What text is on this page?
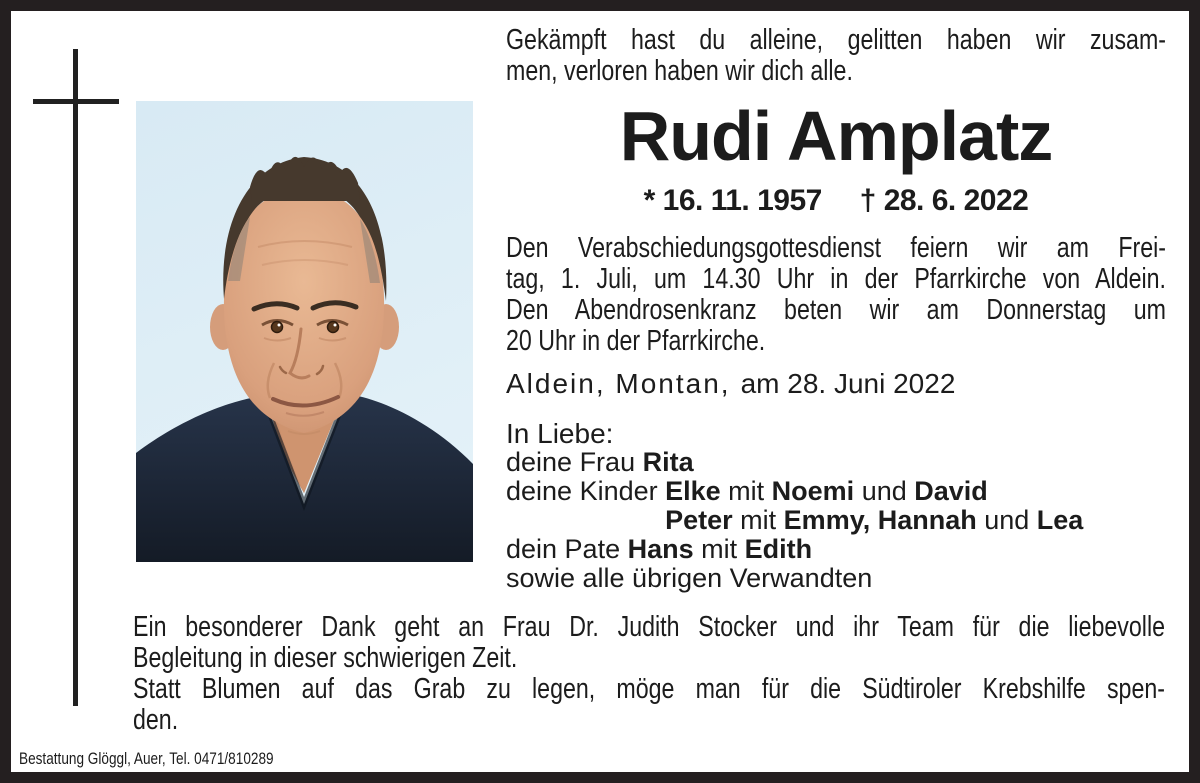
Gekämpft hast du alleine, gelitten haben wir zusam-
men, verloren haben wir dich alle.
Rudi Amplatz
* 16. 11. 1957 † 28. 6. 2022
Den Verabschiedungsgottesdienst feiern wir am Frei-
tag, 1. Juli, um 14.30 Uhr in der Pfarrkirche von Aldein.
Den Abendrosenkranz beten wir am Donnerstag um
20 Uhr in der Pfarrkirche.
Aldein, Montan, am 28. Juni 2022
In Liebe:
deine Frau Rita
deine Kinder Elke mit Noemi und David
Peter mit Emmy, Hannah und Lea
dein Pate Hans mit Edith
sowie alle übrigen Verwandten
Ein besonderer Dank geht an Frau Dr. Judith Stocker und ihr Team für die liebevolle
Begleitung in dieser schwierigen Zeit.
Statt Blumen auf das Grab zu legen, möge man für die Südtiroler Krebshilfe spen-
den.
Bestattung Glöggl, Auer, Tel. 0471/810289
